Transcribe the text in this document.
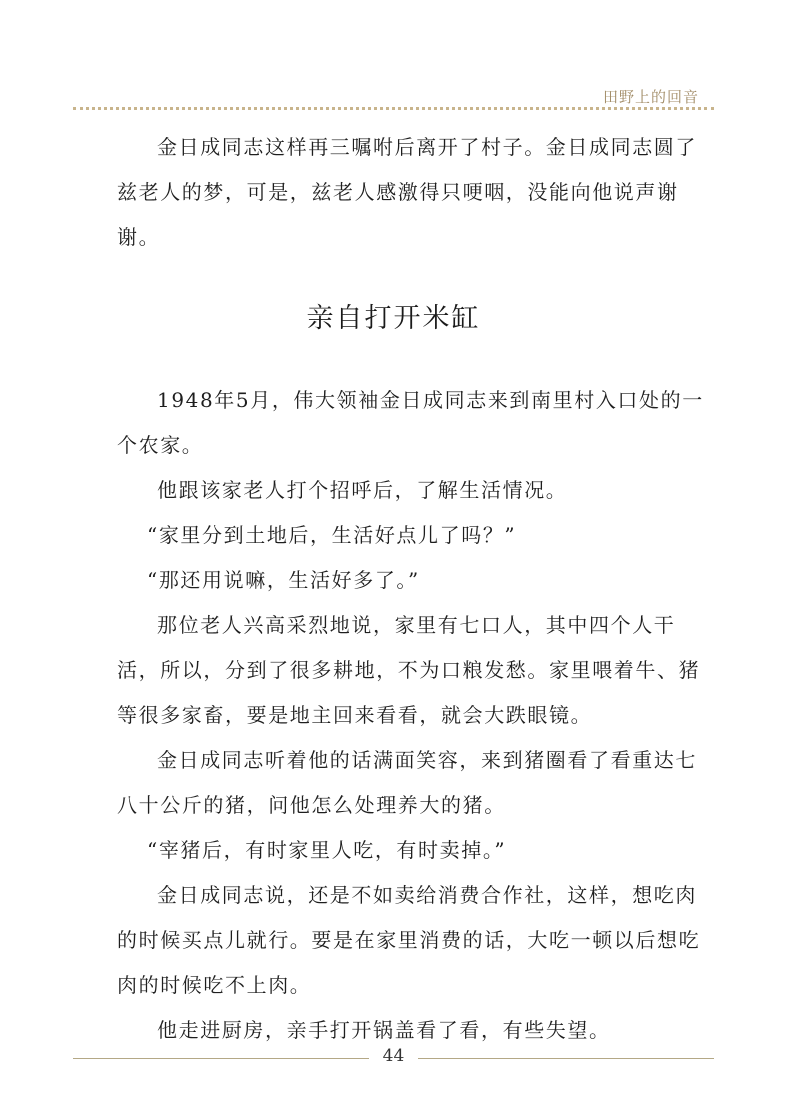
田野上的回音

金日成同志这样再三嘱咐后离开了村子。金日成同志圆了兹老人的梦，可是，兹老人感激得只哽咽，没能向他说声谢谢。

亲自打开米缸

1948年5月，伟大领袖金日成同志来到南里村入口处的一个农家。

他跟该家老人打个招呼后，了解生活情况。

“家里分到土地后，生活好点儿了吗？”

“那还用说嘛，生活好多了。”

那位老人兴高采烈地说，家里有七口人，其中四个人干活，所以，分到了很多耕地，不为口粮发愁。家里喂着牛、猪等很多家畜，要是地主回来看看，就会大跌眼镜。

金日成同志听着他的话满面笑容，来到猪圈看了看重达七八十公斤的猪，问他怎么处理养大的猪。

“宰猪后，有时家里人吃，有时卖掉。”

金日成同志说，还是不如卖给消费合作社，这样，想吃肉的时候买点儿就行。要是在家里消费的话，大吃一顿以后想吃肉的时候吃不上肉。

他走进厨房，亲手打开锅盖看了看，有些失望。

44
